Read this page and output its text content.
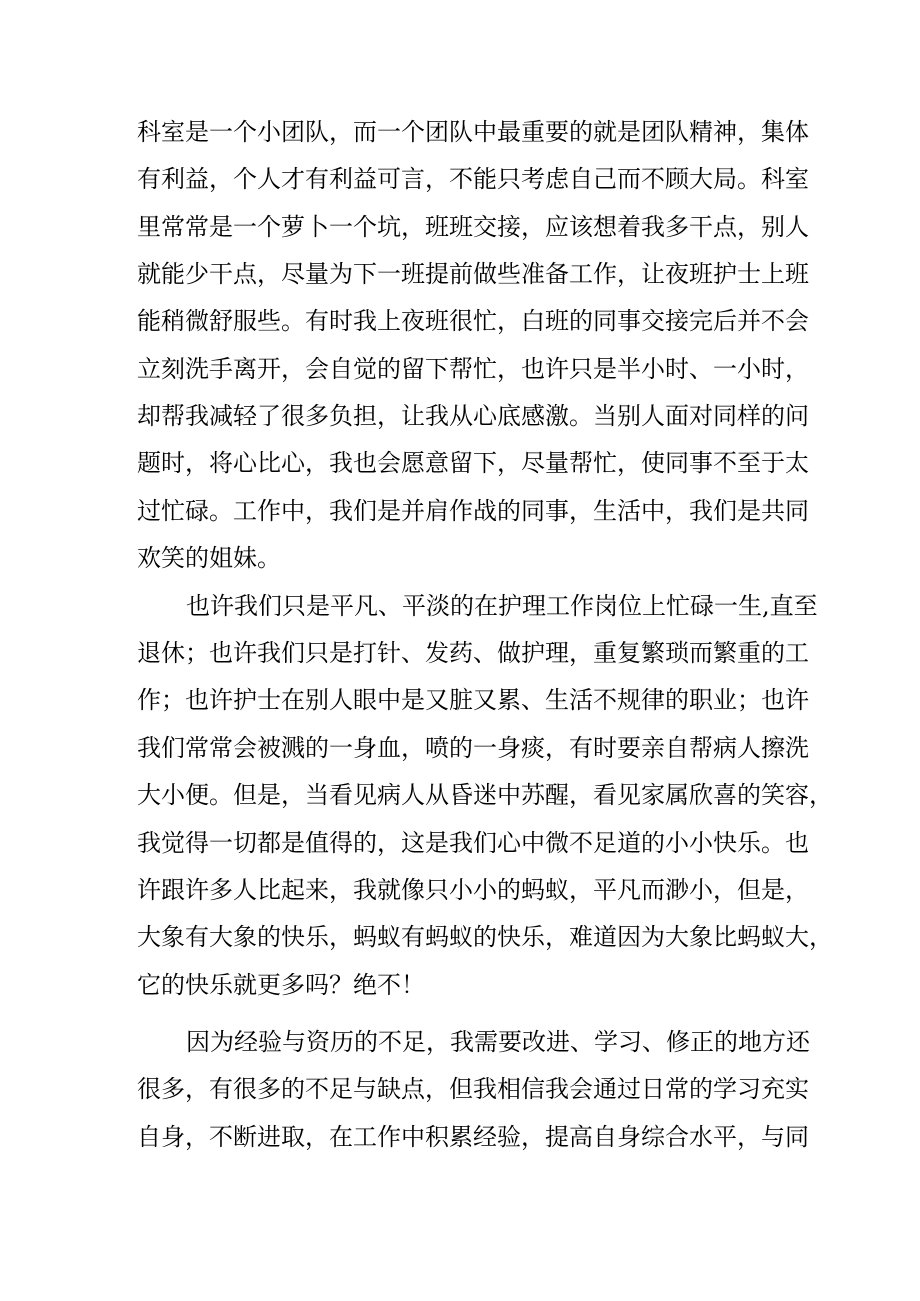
科室是一个小团队，而一个团队中最重要的就是团队精神，集体
有利益，个人才有利益可言，不能只考虑自己而不顾大局。科室
里常常是一个萝卜一个坑，班班交接，应该想着我多干点，别人
就能少干点，尽量为下一班提前做些准备工作，让夜班护士上班
能稍微舒服些。有时我上夜班很忙，白班的同事交接完后并不会
立刻洗手离开，会自觉的留下帮忙，也许只是半小时、一小时，
却帮我减轻了很多负担，让我从心底感激。当别人面对同样的问
题时，将心比心，我也会愿意留下，尽量帮忙，使同事不至于太
过忙碌。工作中，我们是并肩作战的同事，生活中，我们是共同
欢笑的姐妹。
也许我们只是平凡、平淡的在护理工作岗位上忙碌一生,直至
退休；也许我们只是打针、发药、做护理，重复繁琐而繁重的工
作；也许护士在别人眼中是又脏又累、生活不规律的职业；也许
我们常常会被溅的一身血，喷的一身痰，有时要亲自帮病人擦洗
大小便。但是，当看见病人从昏迷中苏醒，看见家属欣喜的笑容，
我觉得一切都是值得的，这是我们心中微不足道的小小快乐。也
许跟许多人比起来，我就像只小小的蚂蚁，平凡而渺小，但是，
大象有大象的快乐，蚂蚁有蚂蚁的快乐，难道因为大象比蚂蚁大，
它的快乐就更多吗？绝不！
因为经验与资历的不足，我需要改进、学习、修正的地方还
很多，有很多的不足与缺点，但我相信我会通过日常的学习充实
自身，不断进取，在工作中积累经验，提高自身综合水平，与同
